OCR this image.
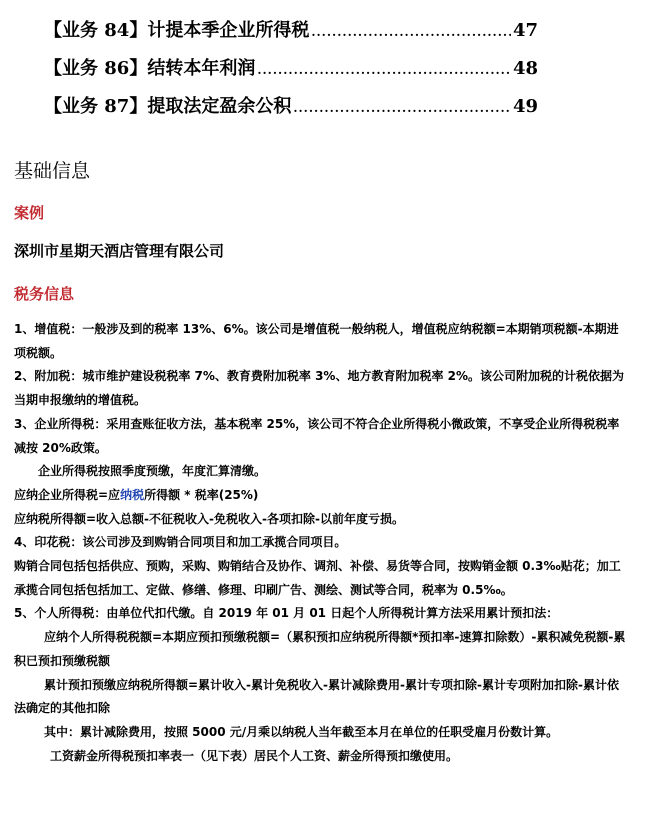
【业务 84】计提本季企业所得税 .....	47
【业务 86】结转本年利润 .....	48
【业务 87】提取法定盈余公积 .....	49
基础信息
案例
深圳市星期天酒店管理有限公司
税务信息

1、增值税：一般涉及到的税率 13%、6%。该公司是增值税一般纳税人，增值税应纳税额=本期销项税额-本期进项税额。

2、附加税：城市维护建设税税率 7%、教育费附加税率 3%、地方教育附加税率 2%。该公司附加税的计税依据为当期申报缴纳的增值税。

3、企业所得税：采用查账征收方法，基本税率 25%，该公司不符合企业所得税小微政策，不享受企业所得税税率减按 20%政策。

企业所得税按照季度预缴，年度汇算清缴。

应纳企业所得税=应纳税所得额 * 税率(25%)

应纳税所得额=收入总额-不征税收入-免税收入-各项扣除-以前年度亏损。

4、印花税：该公司涉及到购销合同项目和加工承揽合同项目。

购销合同包括包括供应、预购，采购、购销结合及协作、调剂、补偿、易货等合同，按购销金额 0.3‰贴花；加工承揽合同包括包括加工、定做、修缮、修理、印刷广告、测绘、测试等合同，税率为 0.5‰。

5、个人所得税：由单位代扣代缴。自 2019 年 01 月 01 日起个人所得税计算方法采用累计预扣法：

应纳个人所得税税额=本期应预扣预缴税额=（累积预扣应纳税所得额*预扣率-速算扣除数）-累积减免税额-累积已预扣预缴税额

累计预扣预缴应纳税所得额=累计收入-累计免税收入-累计减除费用-累计专项扣除-累计专项附加扣除-累计依法确定的其他扣除

其中：累计减除费用，按照 5000 元/月乘以纳税人当年截至本月在单位的任职受雇月份数计算。

工资薪金所得税预扣率表一（见下表）居民个人工资、薪金所得预扣缴使用。
